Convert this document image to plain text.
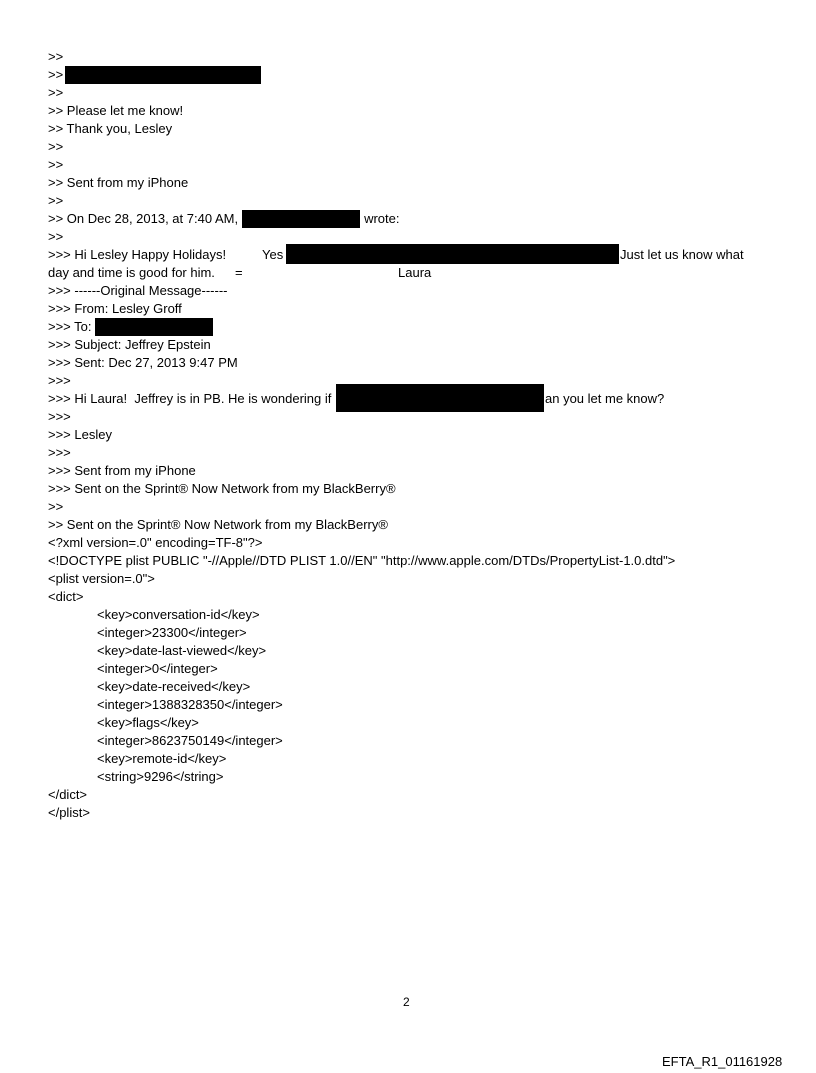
>>
>>
>>
>> Please let me know!
>> Thank you, Lesley
>>
>>
>> Sent from my iPhone
>>
>> On Dec 28, 2013, at 7:40 AM,	wrote:
>>
>>> Hi Lesley Happy Holidays!	Yes	Just let us know what
day and time is good for him. =	Laura
>>> ------Original Message------
>>> From: Lesley Groff
>>> To:
>>> Subject: Jeffrey Epstein
>>> Sent: Dec 27, 2013 9:47 PM
>>>
>>> Hi Laura!  Jeffrey is in PB. He is wondering if	an you let me know?
>>>
>>> Lesley
>>>
>>> Sent from my iPhone
>>> Sent on the Sprint® Now Network from my BlackBerry®
>>
>> Sent on the Sprint® Now Network from my BlackBerry®
<?xml version=.0" encoding=TF-8"?>
<!DOCTYPE plist PUBLIC "-//Apple//DTD PLIST 1.0//EN" "http://www.apple.com/DTDs/PropertyList-1.0.dtd">
<plist version=.0">
<dict>
<key>conversation-id</key>
<integer>23300</integer>
<key>date-last-viewed</key>
<integer>0</integer>
<key>date-received</key>
<integer>1388328350</integer>
<key>flags</key>
<integer>8623750149</integer>
<key>remote-id</key>
<string>9296</string>
</dict>
</plist>
2
EFTA_R1_01161928
